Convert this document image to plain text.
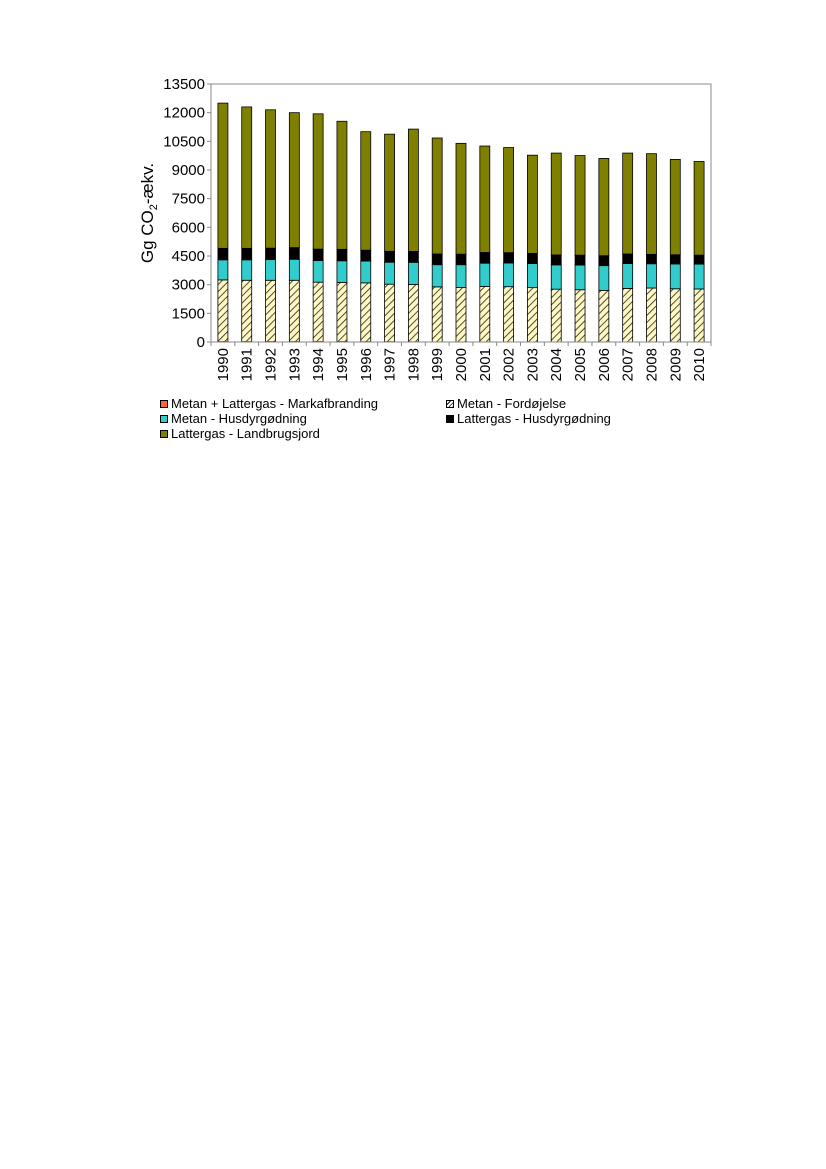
0
1500
3000
4500
6000
7500
9000
10500
12000
13500
1990 1991 1992 1993 1994 1995 1996 1997 1998 1999 2000 2001 2002 2003 2004 2005 2006 2007 2008 2009 2010
Gg $CO_2$-ækv.
Metan + Lattergas - Markafbranding	Metan - Fordøjelse
Metan - Husdyrgødning	Lattergas - Husdyrgødning
Lattergas - Landbrugsjord
